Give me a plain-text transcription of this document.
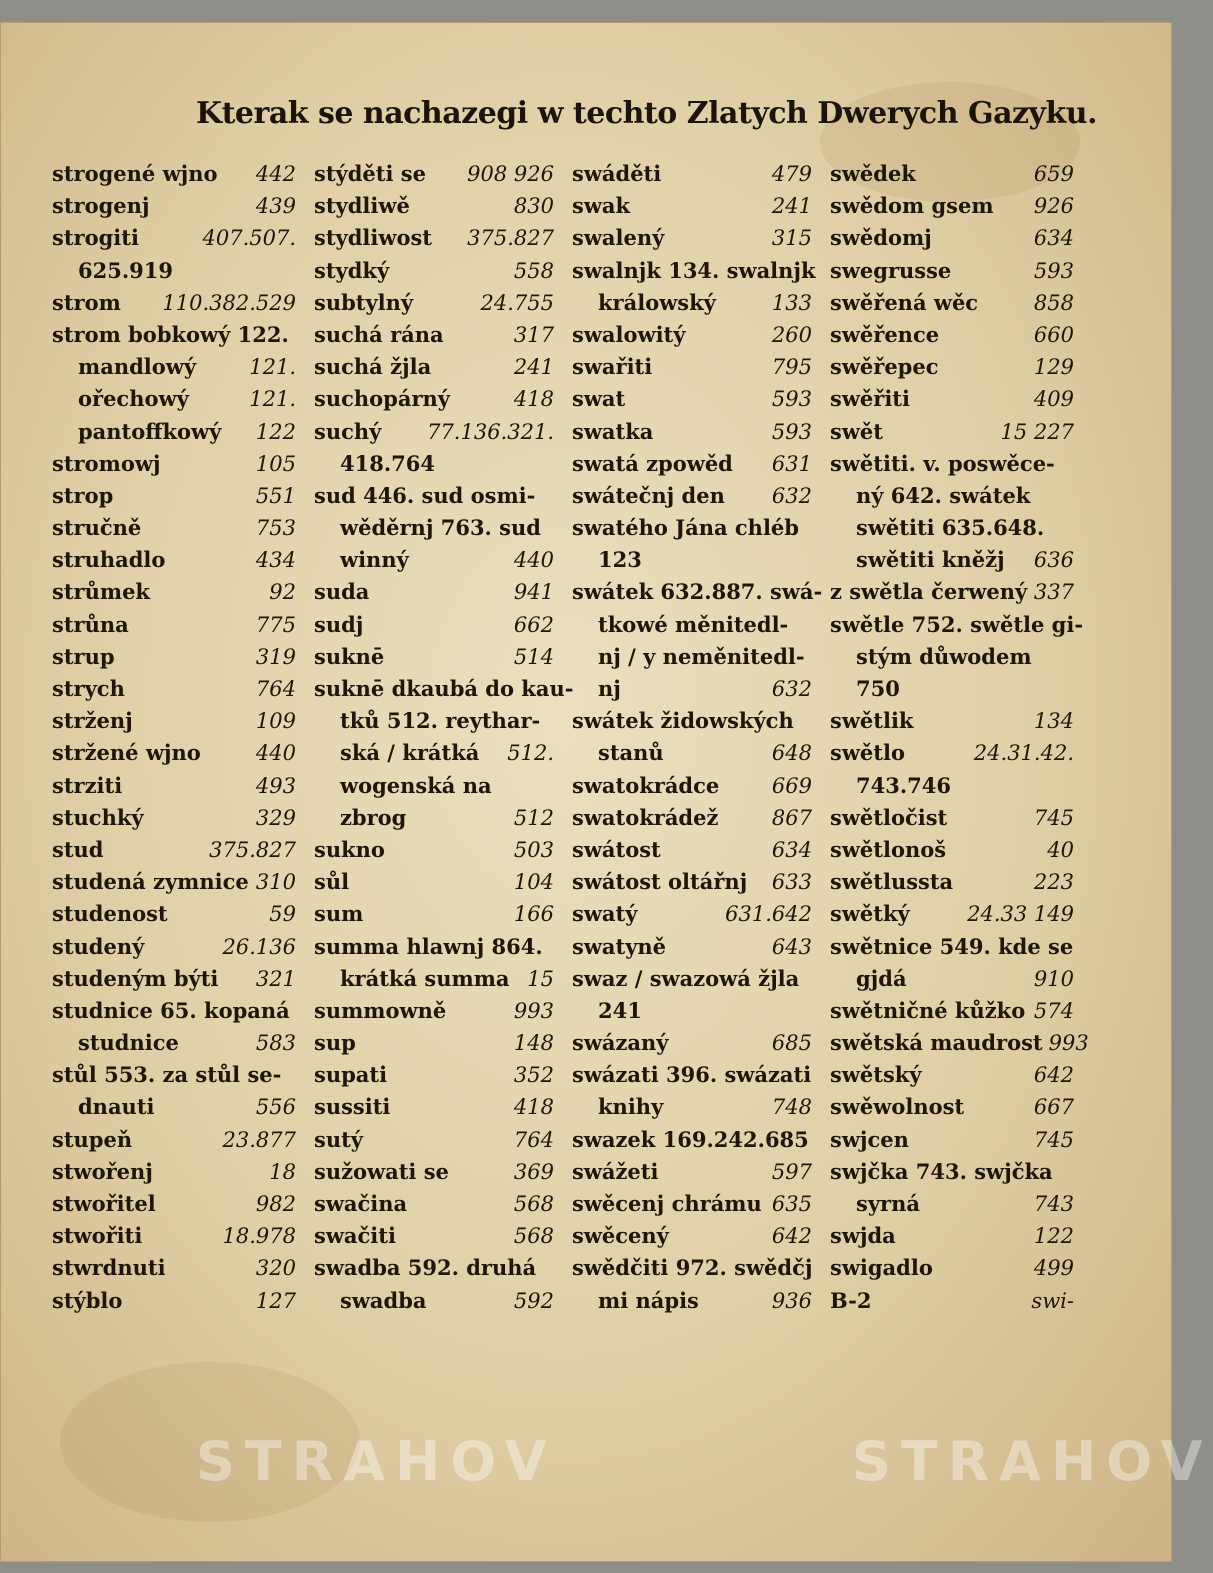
Kterak se nachazegi w techto Zlatych Dwerych Gazyku.
strogené wjno 442
strogenj	439
strogiti	407.507.
625.919
strom 110.382.529
strom bobkowý 122.
mandlowý	121.
ořechowý	121.
pantoffkowý 122
stromowj	105
strop	551
stručně	753
struhadlo	434
strůmek	92
strůna	775
strup	319
strych	764
strženj	109
stržené wjno	440
strziti	493
stuchký	329
stud	375.827
studená zymnice 310
studenost	59
studený	26.136
studeným býti 321
studnice 65. kopaná
studnice	583
stůl 553. za stůl se-
dnauti	556
stupeň	23.877
stwořenj	18
stwořitel	982
stwořiti	18.978
stwrdnuti	320
stýblo	127
stýděti se 908 926
stydliwě	830
stydliwost 375.827
stydký	558
subtylný	24.755
suchá rána	317
suchá žjla	241
suchopárný	418
suchý 77.136.321.
418.764
sud 446. sud osmi-
wěděrnj 763. sud
winný	440
suda	941
sudj	662
suknē	514
suknē dkaubá do kau-
tků 512. reythar-
ská / krátká 512.
wogenská na
zbrog	512
sukno	503
sůl	104
sum	166
summa hlawnj 864.
krátká summa 15
summowně	993
sup	148
supati	352
sussiti	418
sutý	764
sužowati se	369
swačina	568
swačiti	568
swadba 592. druhá
swadba	592
swáděti	479
swak	241
swalený	315
swalnjk 134. swalnjk
králowský	133
swalowitý	260
swařiti	795
swat	593
swatka	593
swatá zpowěd 631
swátečnj den 632
swatého Jána chléb
123
swátek 632.887. swá-
tkowé měnitedl-
nj / y neměnitedl-
nj	632
swátek židowských
stanů	648
swatokrádce	669
swatokrádež	867
swátost	634
swátost oltářnj 633
swatý	631.642
swatyně	643
swaz / swazowá žjla
241
swázaný	685
swázati 396. swázati
knihy	748
swazek 169.242.685
swážeti	597
swěcenj chrámu 635
swěcený	642
swědčiti 972. swědčj
mi nápis	936
swědek	659
swědom gsem 926
swědomj	634
swegrusse	593
swěřená wěc	858
swěřence	660
swěřepec	129
swěřiti	409
swět	15 227
swětiti. v. poswěce-
ný 642. swátek
swětiti 635.648.
swětiti kněžj 636
z swětla čerwený 337
swětle 752. swětle gi-
stým důwodem
750
swětlik	134
swětlo	24.31.42.
743.746
swětločist	745
swětlonoš	40
swětlussta	223
swětký	24.33 149
swětnice 549. kde se
gjdá	910
swětničné kůžko 574
swětská maudrost 993
swětský	642
swěwolnost	667
swjcen	745
swjčka 743. swjčka
syrná	743
swjda	122
swigadlo	499
B-2	swi-
STRAHOV	STRAHOV
